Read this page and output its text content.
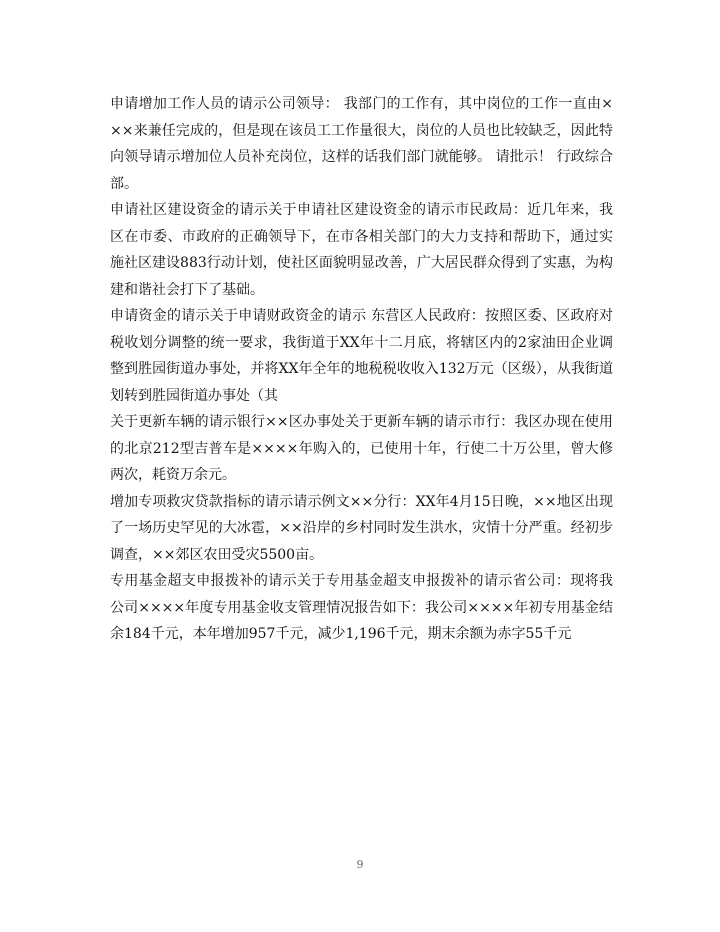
申请增加工作人员的请示公司领导： 我部门的工作有，其中岗位的工作一直由×××来兼任完成的，但是现在该员工工作量很大，岗位的人员也比较缺乏，因此特向领导请示增加位人员补充岗位，这样的话我们部门就能够。 请批示！ 行政综合部。

申请社区建设资金的请示关于申请社区建设资金的请示市民政局：近几年来，我区在市委、市政府的正确领导下，在市各相关部门的大力支持和帮助下，通过实施社区建设883行动计划，使社区面貌明显改善，广大居民群众得到了实惠，为构建和谐社会打下了基础。

申请资金的请示关于申请财政资金的请示 东营区人民政府：按照区委、区政府对税收划分调整的统一要求，我街道于XX年十二月底，将辖区内的2家油田企业调整到胜园街道办事处，并将XX年全年的地税税收收入132万元（区级），从我街道划转到胜园街道办事处（其

关于更新车辆的请示银行××区办事处关于更新车辆的请示市行：我区办现在使用的北京212型吉普车是××××年购入的，已使用十年，行使二十万公里，曾大修两次，耗资万余元。

增加专项救灾贷款指标的请示请示例文××分行：XX年4月15日晚，××地区出现了一场历史罕见的大冰雹，××沿岸的乡村同时发生洪水，灾情十分严重。经初步调查，××郊区农田受灾5500亩。

专用基金超支申报拨补的请示关于专用基金超支申报拨补的请示省公司：现将我公司××××年度专用基金收支管理情况报告如下：我公司××××年初专用基金结余184千元，本年增加957千元，减少1,196千元，期末余额为赤字55千元

9
